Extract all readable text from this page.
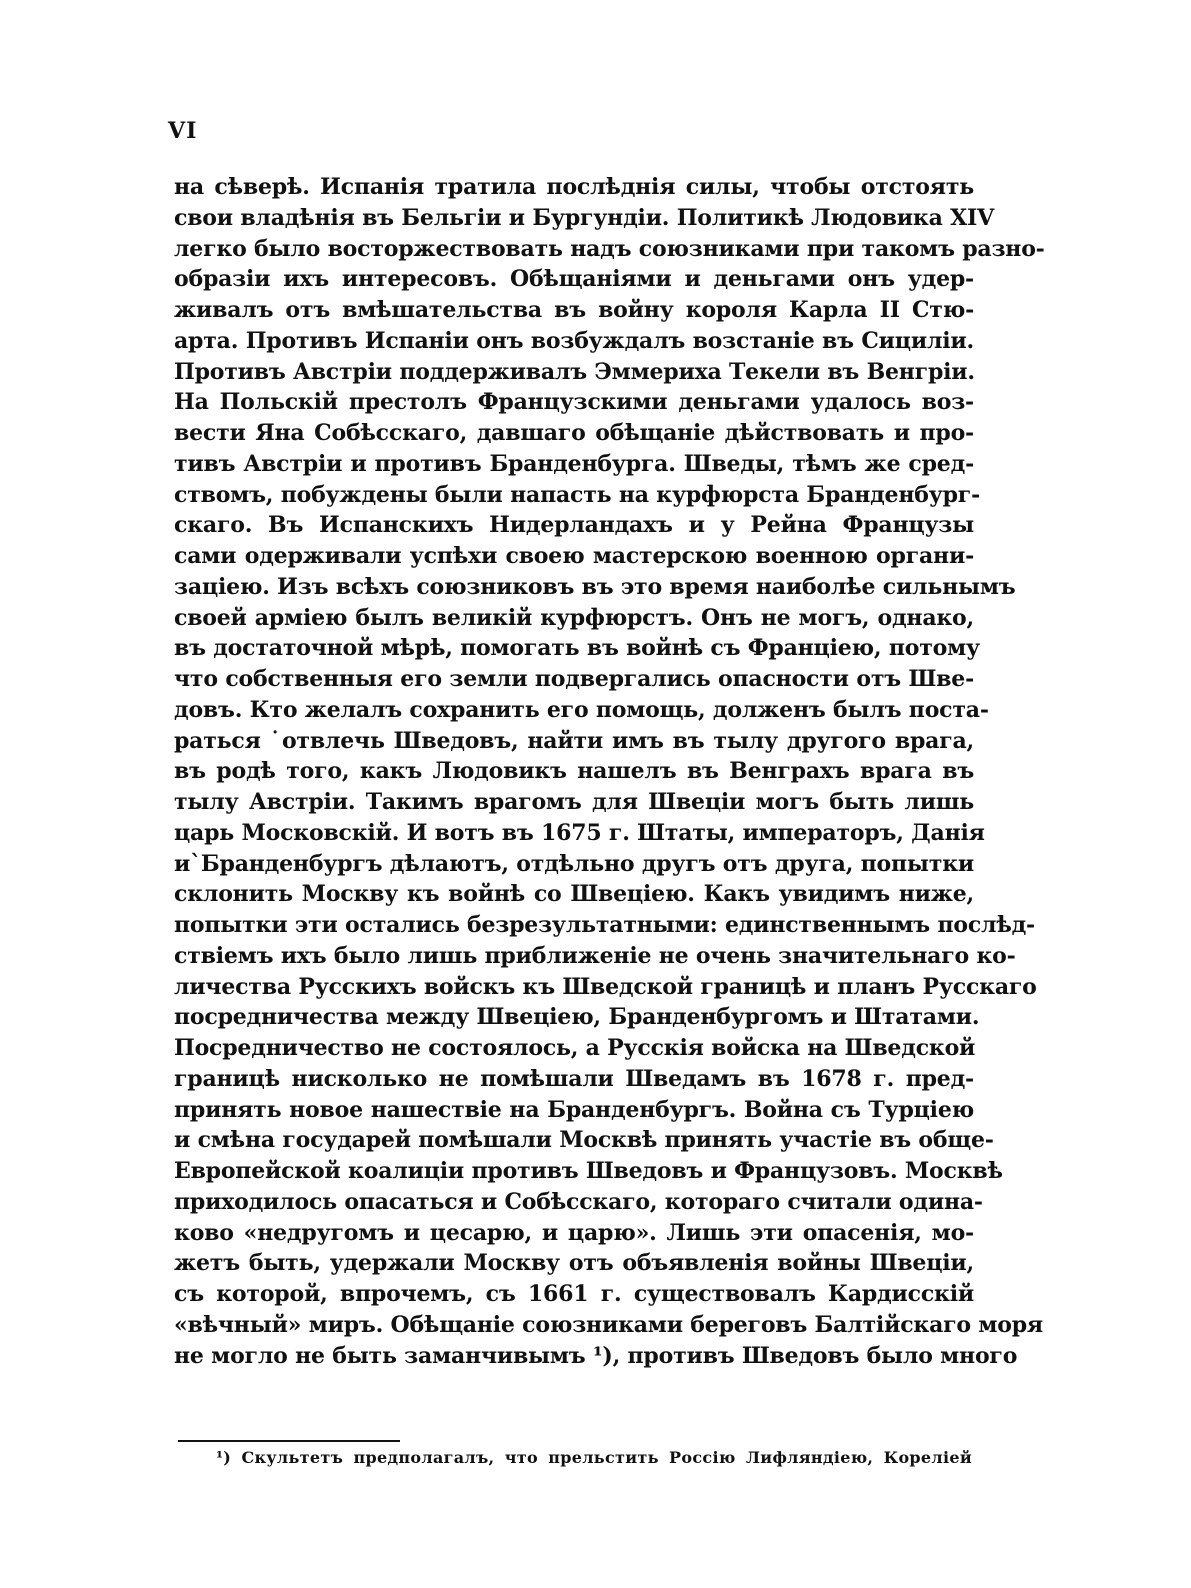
VI
на сѣверѣ. Испанія тратила послѣднія силы, чтобы отстоять
свои владѣнія въ Бельгіи и Бургундіи. Политикѣ Людовика XIV
легко было восторжествовать надъ союзниками при такомъ разно-
образіи ихъ интересовъ. Обѣщаніями и деньгами онъ удер-
живалъ отъ вмѣшательства въ войну короля Карла II Стю-
арта. Противъ Испаніи онъ возбуждалъ возстаніе въ Сициліи.
Противъ Австріи поддерживалъ Эммериха Текели въ Венгріи.
На Польскій престолъ Французскими деньгами удалось воз-
вести Яна Собѣсскаго, давшаго обѣщаніе дѣйствовать и про-
тивъ Австріи и противъ Бранденбурга. Шведы, тѣмъ же сред-
ствомъ, побуждены были напасть на курфюрста Бранденбург-
скаго. Въ Испанскихъ Нидерландахъ и у Рейна Французы
сами одерживали успѣхи своею мастерскою военною органи-
заціею. Изъ всѣхъ союзниковъ въ это время наиболѣе сильнымъ
своей арміею былъ великій курфюрстъ. Онъ не могъ, однако,
въ достаточной мѣрѣ, помогать въ войнѣ съ Франціею, потому
что собственныя его земли подвергались опасности отъ Шве-
довъ. Кто желалъ сохранить его помощь, долженъ былъ поста-
раться ˙отвлечь Шведовъ, найти имъ въ тылу другого врага,
въ родѣ того, какъ Людовикъ нашелъ въ Венграхъ врага въ
тылу Австріи. Такимъ врагомъ для Швеціи могъ быть лишь
царь Московскій. И вотъ въ 1675 г. Штаты, императоръ, Данія
и`Бранденбургъ дѣлаютъ, отдѣльно другъ отъ друга, попытки
склонить Москву къ войнѣ со Швеціею. Какъ увидимъ ниже,
попытки эти остались безрезультатными: единственнымъ послѣд-
ствіемъ ихъ было лишь приближеніе не очень значительнаго ко-
личества Русскихъ войскъ къ Шведской границѣ и планъ Русскаго
посредничества между Швеціею, Бранденбургомъ и Штатами.
Посредничество не состоялось, а Русскія войска на Шведской
границѣ нисколько не помѣшали Шведамъ въ 1678 г. пред-
принять новое нашествіе на Бранденбургъ. Война съ Турціею
и смѣна государей помѣшали Москвѣ принять участіе въ обще-
Европейской коалиціи противъ Шведовъ и Французовъ. Москвѣ
приходилось опасаться и Собѣсскаго, котораго считали одина-
ково «недругомъ и цесарю, и царю». Лишь эти опасенія, мо-
жетъ быть, удержали Москву отъ объявленія войны Швеціи,
съ которой, впрочемъ, съ 1661 г. существовалъ Кардисскій
«вѣчный» миръ. Обѣщаніе союзниками береговъ Балтійскаго моря
не могло не быть заманчивымъ ¹), противъ Шведовъ было много
¹) Скультетъ предполагалъ, что прельстить Россію Лифляндіею, Кореліей
